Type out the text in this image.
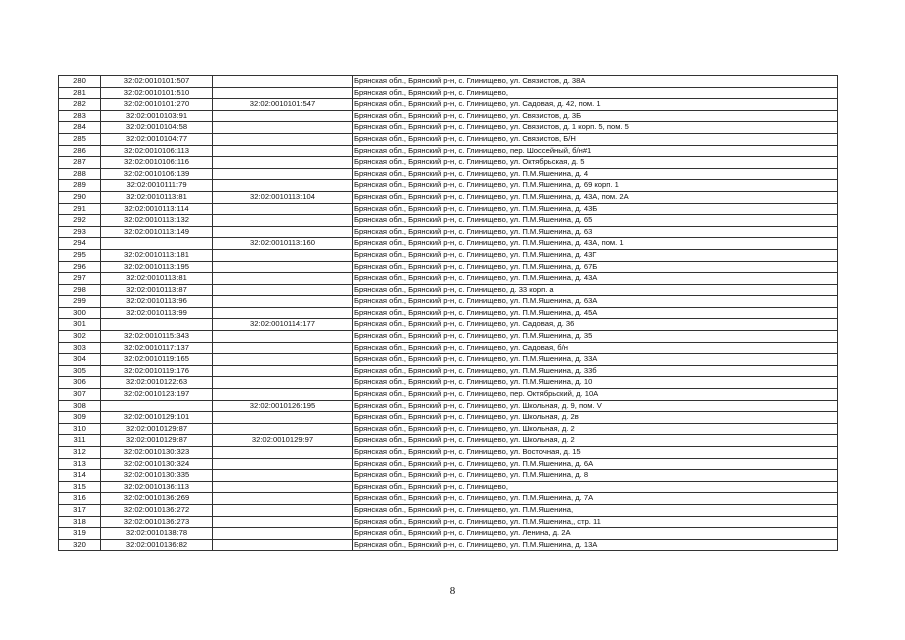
280	32:02:0010101:507		Брянская обл., Брянский р-н, с. Глинищево, ул. Связистов, д. 38А
281	32:02:0010101:510		Брянская обл., Брянский р-н, с. Глинищево,
282	32:02:0010101:270	32:02:0010101:547	Брянская обл., Брянский р-н, с. Глинищево, ул. Садовая, д. 42, пом. 1
283	32:02:0010103:91		Брянская обл., Брянский р-н, с. Глинищево, ул. Связистов, д. 3Б
284	32:02:0010104:58		Брянская обл., Брянский р-н, с. Глинищево, ул. Связистов, д. 1 корп. 5, пом. 5
285	32:02:0010104:77		Брянская обл., Брянский р-н, с. Глинищево, ул. Связистов, Б/Н
286	32:02:0010106:113		Брянская обл., Брянский р-н, с. Глинищево, пер. Шоссейный, б/н#1
287	32:02:0010106:116		Брянская обл., Брянский р-н, с. Глинищево, ул. Октябрьская, д. 5
288	32:02:0010106:139		Брянская обл., Брянский р-н, с. Глинищево, ул. П.М.Яшенина, д. 4
289	32:02:0010111:79		Брянская обл., Брянский р-н, с. Глинищево, ул. П.М.Яшенина, д. 69 корп. 1
290	32:02:0010113:81	32:02:0010113:104	Брянская обл., Брянский р-н, с. Глинищево, ул. П.М.Яшенина, д. 43А, пом. 2А
291	32:02:0010113:114		Брянская обл., Брянский р-н, с. Глинищево, ул. П.М.Яшенина, д. 43Б
292	32:02:0010113:132		Брянская обл., Брянский р-н, с. Глинищево, ул. П.М.Яшенина, д. 65
293	32:02:0010113:149		Брянская обл., Брянский р-н, с. Глинищево, ул. П.М.Яшенина, д. 63
294		32:02:0010113:160	Брянская обл., Брянский р-н, с. Глинищево, ул. П.М.Яшенина, д. 43А, пом. 1
295	32:02:0010113:181		Брянская обл., Брянский р-н, с. Глинищево, ул. П.М.Яшенина, д. 43Г
296	32:02:0010113:195		Брянская обл., Брянский р-н, с. Глинищево, ул. П.М.Яшенина, д. 67Б
297	32:02:0010113:81		Брянская обл., Брянский р-н, с. Глинищево, ул. П.М.Яшенина, д. 43А
298	32:02:0010113:87		Брянская обл., Брянский р-н, с. Глинищево, д. 33 корп. а
299	32:02:0010113:96		Брянская обл., Брянский р-н, с. Глинищево, ул. П.М.Яшенина, д. 63А
300	32:02:0010113:99		Брянская обл., Брянский р-н, с. Глинищево, ул. П.М.Яшенина, д. 45А
301		32:02:0010114:177	Брянская обл., Брянский р-н, с. Глинищево, ул. Садовая, д. 36
302	32:02:0010115:343		Брянская обл., Брянский р-н, с. Глинищево, ул. П.М.Яшенина, д. 35
303	32:02:0010117:137		Брянская обл., Брянский р-н, с. Глинищево, ул. Садовая, б/н
304	32:02:0010119:165		Брянская обл., Брянский р-н, с. Глинищево, ул. П.М.Яшенина, д. 33А
305	32:02:0010119:176		Брянская обл., Брянский р-н, с. Глинищево, ул. П.М.Яшенина, д. 33б
306	32:02:0010122:63		Брянская обл., Брянский р-н, с. Глинищево, ул. П.М.Яшенина, д. 10
307	32:02:0010123:197		Брянская обл., Брянский р-н, с. Глинищево, пер. Октябрьский, д. 10А
308		32:02:0010126:195	Брянская обл., Брянский р-н, с. Глинищево, ул. Школьная, д. 9, пом. V
309	32:02:0010129:101		Брянская обл., Брянский р-н, с. Глинищево, ул. Школьная, д. 2в
310	32:02:0010129:87		Брянская обл., Брянский р-н, с. Глинищево, ул. Школьная, д. 2
311	32:02:0010129:87	32:02:0010129:97	Брянская обл., Брянский р-н, с. Глинищево, ул. Школьная, д. 2
312	32:02:0010130:323		Брянская обл., Брянский р-н, с. Глинищево, ул. Восточная, д. 15
313	32:02:0010130:324		Брянская обл., Брянский р-н, с. Глинищево, ул. П.М.Яшенина, д. 6А
314	32:02:0010130:335		Брянская обл., Брянский р-н, с. Глинищево, ул. П.М.Яшенина, д. 8
315	32:02:0010136:113		Брянская обл., Брянский р-н, с. Глинищево,
316	32:02:0010136:269		Брянская обл., Брянский р-н, с. Глинищево, ул. П.М.Яшенина, д. 7А
317	32:02:0010136:272		Брянская обл., Брянский р-н, с. Глинищево, ул. П.М.Яшенина,
318	32:02:0010136:273		Брянская обл., Брянский р-н, с. Глинищево, ул. П.М.Яшенина,, стр. 11
319	32:02:0010138:78		Брянская обл., Брянский р-н, с. Глинищево, ул. Ленина, д. 2А
320	32:02:0010136:82		Брянская обл., Брянский р-н, с. Глинищево, ул. П.М.Яшенина, д. 13А
8
